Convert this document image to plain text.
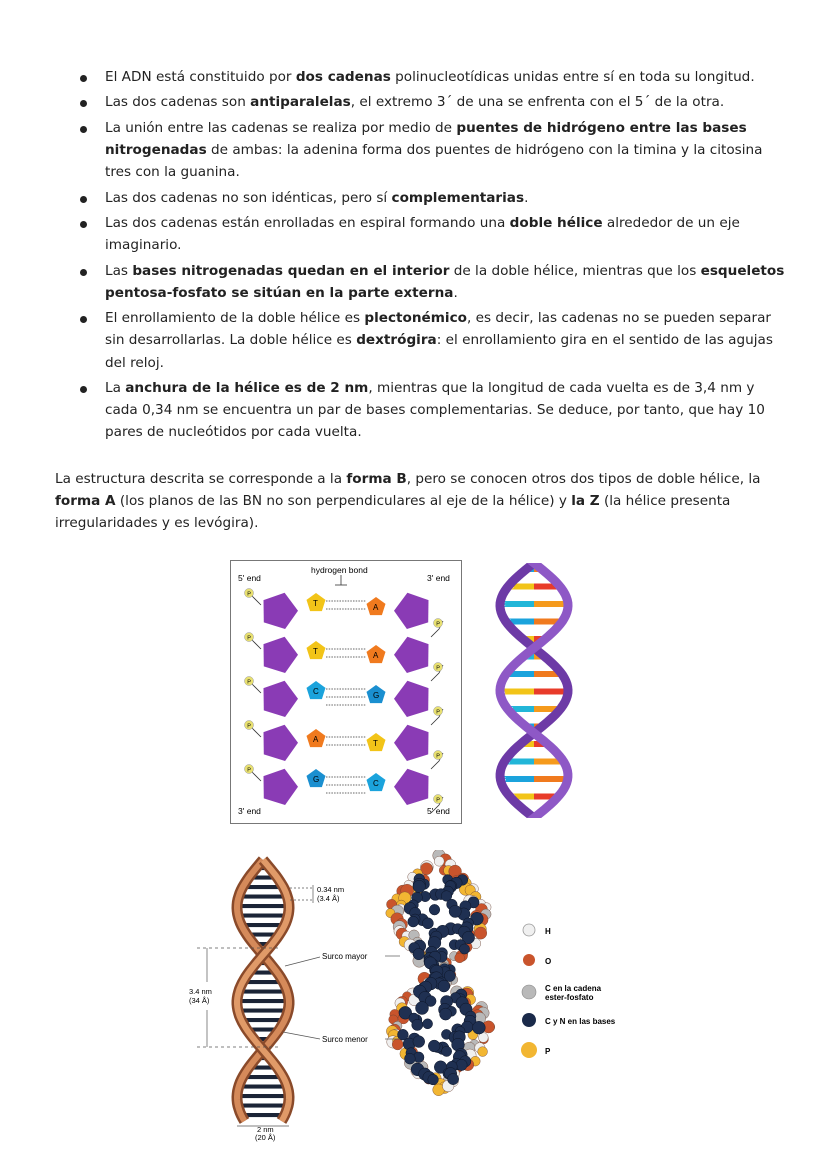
El ADN está constituido por dos cadenas polinucleotídicas unidas entre sí en toda su longitud.
Las dos cadenas son antiparalelas, el extremo 3´ de una se enfrenta con el 5´ de la otra.
La unión entre las cadenas se realiza por medio de puentes de hidrógeno entre las bases nitrogenadas de ambas: la adenina forma dos puentes de hidrógeno con la timina y la citosina tres con la guanina.
Las dos cadenas no son idénticas, pero sí complementarias.
Las dos cadenas están enrolladas en espiral formando una doble hélice alrededor de un eje imaginario.
Las bases nitrogenadas quedan en el interior de la doble hélice, mientras que los esqueletos pentosa-fosfato se sitúan en la parte externa.
El enrollamiento de la doble hélice es plectonémico, es decir, las cadenas no se pueden separar sin desarrollarlas. La doble hélice es dextrógira: el enrollamiento gira en el sentido de las agujas del reloj.
La anchura de la hélice es de 2 nm, mientras que la longitud de cada vuelta es de 3,4 nm y cada 0,34 nm se encuentra un par de bases complementarias. Se deduce, por tanto, que hay 10 pares de nucleótidos por cada vuelta.

La estructura descrita se corresponde a la forma B, pero se conocen otros dos tipos de doble hélice, la forma A (los planos de las BN no son perpendiculares al eje de la hélice) y la Z (la hélice presenta irregularidades y es levógira).

5' end	3' end
hydrogen bond
3' end	5' end
P
P
T	A
P
P
T	A
P
P
C	G
P
P
A	T
P
P
G	C
C
G
C
T
A
G
T
A
C
G
T
A
G
C
0.34 nm
(3.4 Å)
3.4 nm
(34 Å)
Surco mayor
Surco menor
2 nm
(20 Å)
H
O
C en la cadena
ester-fosfato
C y N en las bases
P
